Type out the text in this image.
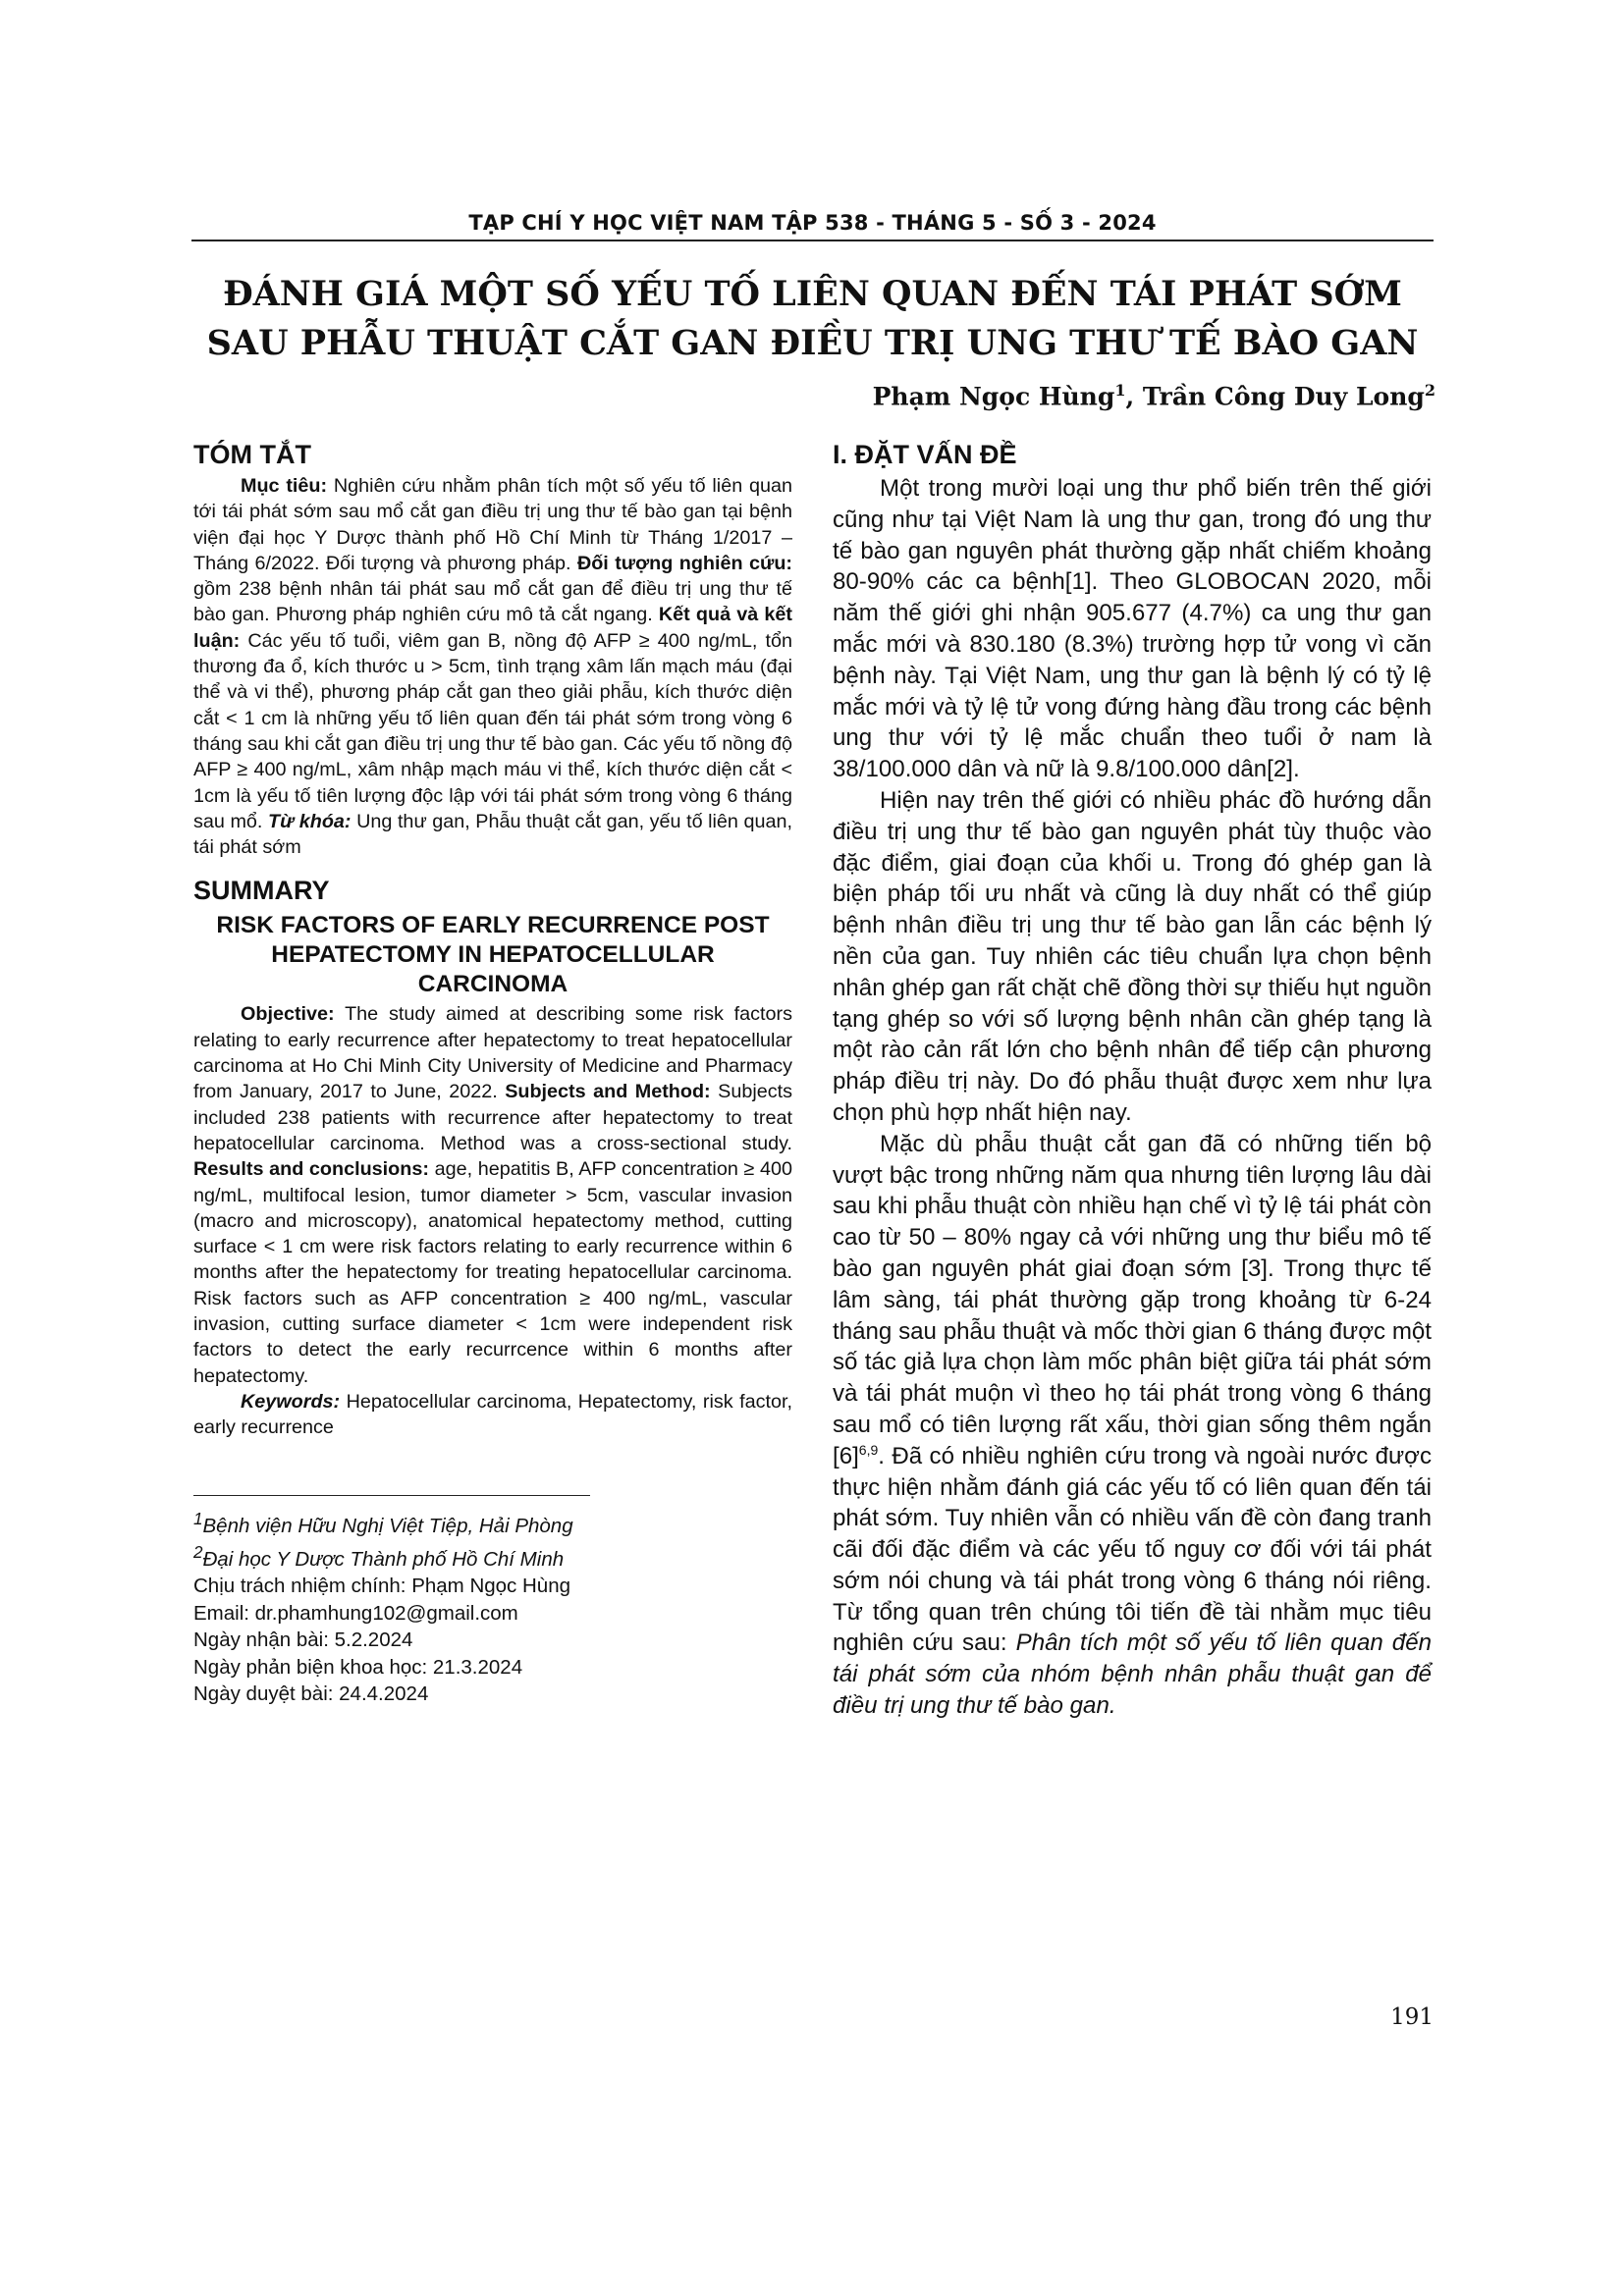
TẠP CHÍ Y HỌC VIỆT NAM TẬP 538 - THÁNG 5 - SỐ 3 - 2024
ĐÁNH GIÁ MỘT SỐ YẾU TỐ LIÊN QUAN ĐẾN TÁI PHÁT SỚM
SAU PHẪU THUẬT CẮT GAN ĐIỀU TRỊ UNG THƯ TẾ BÀO GAN
Phạm Ngọc Hùng$^1$, Trần Công Duy Long$^2$
TÓM TẮT

Mục tiêu: Nghiên cứu nhằm phân tích một số yếu tố liên quan tới tái phát sớm sau mổ cắt gan điều trị ung thư tế bào gan tại bệnh viện đại học Y Dược thành phố Hồ Chí Minh từ Tháng 1/2017 – Tháng 6/2022. Đối tượng và phương pháp. Đối tượng nghiên cứu: gồm 238 bệnh nhân tái phát sau mổ cắt gan để điều trị ung thư tế bào gan. Phương pháp nghiên cứu mô tả cắt ngang. Kết quả và kết luận: Các yếu tố tuổi, viêm gan B, nồng độ AFP ≥ 400 ng/mL, tổn thương đa ổ, kích thước u > 5cm, tình trạng xâm lấn mạch máu (đại thể và vi thể), phương pháp cắt gan theo giải phẫu, kích thước diện cắt < 1 cm là những yếu tố liên quan đến tái phát sớm trong vòng 6 tháng sau khi cắt gan điều trị ung thư tế bào gan. Các yếu tố nồng độ AFP ≥ 400 ng/mL, xâm nhập mạch máu vi thể, kích thước diện cắt < 1cm là yếu tố tiên lượng độc lập với tái phát sớm trong vòng 6 tháng sau mổ. Từ khóa: Ung thư gan, Phẫu thuật cắt gan, yếu tố liên quan, tái phát sớm

SUMMARY

RISK FACTORS OF EARLY RECURRENCE POST HEPATECTOMY IN HEPATOCELLULAR CARCINOMA

Objective: The study aimed at describing some risk factors relating to early recurrence after hepatectomy to treat hepatocellular carcinoma at Ho Chi Minh City University of Medicine and Pharmacy from January, 2017 to June, 2022. Subjects and Method: Subjects included 238 patients with recurrence after hepatectomy to treat hepatocellular carcinoma. Method was a cross-sectional study. Results and conclusions: age, hepatitis B, AFP concentration ≥ 400 ng/mL, multifocal lesion, tumor diameter > 5cm, vascular invasion (macro and microscopy), anatomical hepatectomy method, cutting surface < 1 cm were risk factors relating to early recurrence within 6 months after the hepatectomy for treating hepatocellular carcinoma. Risk factors such as AFP concentration ≥ 400 ng/mL, vascular invasion, cutting surface diameter < 1cm were independent risk factors to detect the early recurrcence within 6 months after hepatectomy.

Keywords: Hepatocellular carcinoma, Hepatectomy, risk factor, early recurrence

$^1$Bệnh viện Hữu Nghị Việt Tiệp, Hải Phòng
$^2$Đại học Y Dược Thành phố Hồ Chí Minh
Chịu trách nhiệm chính: Phạm Ngọc Hùng
Email: dr.phamhung102@gmail.com
Ngày nhận bài: 5.2.2024
Ngày phản biện khoa học: 21.3.2024
Ngày duyệt bài: 24.4.2024
I. ĐẶT VẤN ĐỀ

Một trong mười loại ung thư phổ biến trên thế giới cũng như tại Việt Nam là ung thư gan, trong đó ung thư tế bào gan nguyên phát thường gặp nhất chiếm khoảng 80-90% các ca bệnh[1]. Theo GLOBOCAN 2020, mỗi năm thế giới ghi nhận 905.677 (4.7%) ca ung thư gan mắc mới và 830.180 (8.3%) trường hợp tử vong vì căn bệnh này. Tại Việt Nam, ung thư gan là bệnh lý có tỷ lệ mắc mới và tỷ lệ tử vong đứng hàng đầu trong các bệnh ung thư với tỷ lệ mắc chuẩn theo tuổi ở nam là 38/100.000 dân và nữ là 9.8/100.000 dân[2].

Hiện nay trên thế giới có nhiều phác đồ hướng dẫn điều trị ung thư tế bào gan nguyên phát tùy thuộc vào đặc điểm, giai đoạn của khối u. Trong đó ghép gan là biện pháp tối ưu nhất và cũng là duy nhất có thể giúp bệnh nhân điều trị ung thư tế bào gan lẫn các bệnh lý nền của gan. Tuy nhiên các tiêu chuẩn lựa chọn bệnh nhân ghép gan rất chặt chẽ đồng thời sự thiếu hụt nguồn tạng ghép so với số lượng bệnh nhân cần ghép tạng là một rào cản rất lớn cho bệnh nhân để tiếp cận phương pháp điều trị này. Do đó phẫu thuật được xem như lựa chọn phù hợp nhất hiện nay.

Mặc dù phẫu thuật cắt gan đã có những tiến bộ vượt bậc trong những năm qua nhưng tiên lượng lâu dài sau khi phẫu thuật còn nhiều hạn chế vì tỷ lệ tái phát còn cao từ 50 – 80% ngay cả với những ung thư biểu mô tế bào gan nguyên phát giai đoạn sớm [3]. Trong thực tế lâm sàng, tái phát thường gặp trong khoảng từ 6-24 tháng sau phẫu thuật và mốc thời gian 6 tháng được một số tác giả lựa chọn làm mốc phân biệt giữa tái phát sớm và tái phát muộn vì theo họ tái phát trong vòng 6 tháng sau mổ có tiên lượng rất xấu, thời gian sống thêm ngắn $[6]^{6,9}$. Đã có nhiều nghiên cứu trong và ngoài nước được thực hiện nhằm đánh giá các yếu tố có liên quan đến tái phát sớm. Tuy nhiên vẫn có nhiều vấn đề còn đang tranh cãi đối đặc điểm và các yếu tố nguy cơ đối với tái phát sớm nói chung và tái phát trong vòng 6 tháng nói riêng. Từ tổng quan trên chúng tôi tiến đề tài nhằm mục tiêu nghiên cứu sau: Phân tích một số yếu tố liên quan đến tái phát sớm của nhóm bệnh nhân phẫu thuật gan để điều trị ung thư tế bào gan.

191
